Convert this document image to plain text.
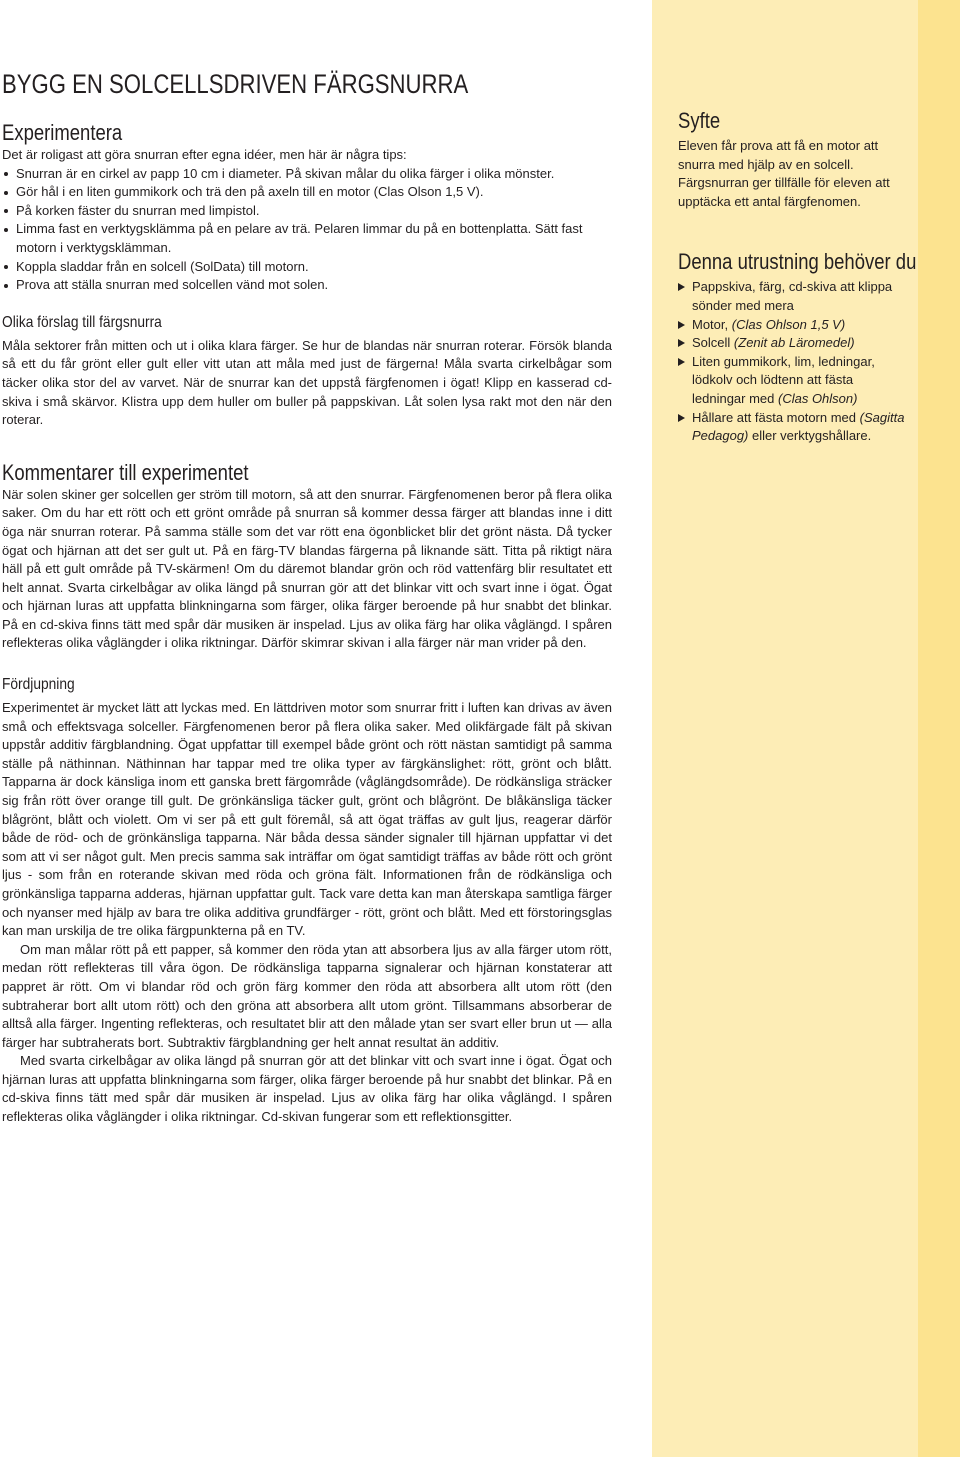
BYGG EN SOLCELLSDRIVEN FÄRGSNURRA
Experimentera

Det är roligast att göra snurran efter egna idéer, men här är några tips:

Snurran är en cirkel av papp 10 cm i diameter. På skivan målar du olika färger i olika mönster.
Gör hål i en liten gummikork och trä den på axeln till en motor (Clas Olson 1,5 V).
På korken fäster du snurran med limpistol.
Limma fast en verktygsklämma på en pelare av trä. Pelaren limmar du på en bottenplatta. Sätt fast motorn i verktygsklämman.
Koppla sladdar från en solcell (SolData) till motorn.
Prova att ställa snurran med solcellen vänd mot solen.
Olika förslag till färgsnurra

Måla sektorer från mitten och ut i olika klara färger. Se hur de blandas när snurran roterar. Försök blanda så ett du får grönt eller gult eller vitt utan att måla med just de färgerna! Måla svarta cirkelbågar som täcker olika stor del av varvet. När de snurrar kan det uppstå färgfenomen i ögat! Klipp en kasserad cd-skiva i små skärvor. Klistra upp dem huller om buller på pappskivan. Låt solen lysa rakt mot den när den roterar.

Kommentarer till experimentet

När solen skiner ger solcellen ger ström till motorn, så att den snurrar. Färgfenomenen beror på flera olika saker. Om du har ett rött och ett grönt område på snurran så kommer dessa färger att blandas inne i ditt öga när snurran roterar. På samma ställe som det var rött ena ögonblicket blir det grönt nästa. Då tycker ögat och hjärnan att det ser gult ut. På en färg-TV blandas färgerna på liknande sätt. Titta på riktigt nära häll på ett gult område på TV-skärmen! Om du däremot blandar grön och röd vattenfärg blir resultatet ett helt annat. Svarta cirkelbågar av olika längd på snurran gör att det blinkar vitt och svart inne i ögat. Ögat och hjärnan luras att uppfatta blinkningarna som färger, olika färger beroende på hur snabbt det blinkar. På en cd-skiva finns tätt med spår där musiken är inspelad. Ljus av olika färg har olika våglängd. I spåren reflekteras olika våglängder i olika riktningar. Därför skimrar skivan i alla färger när man vrider på den.

Fördjupning

Experimentet är mycket lätt att lyckas med. En lättdriven motor som snurrar fritt i luften kan drivas av även små och effektsvaga solceller. Färgfenomenen beror på flera olika saker. Med olikfärgade fält på skivan uppstår additiv färgblandning. Ögat uppfattar till exempel både grönt och rött nästan samtidigt på samma ställe på näthinnan. Näthinnan har tappar med tre olika typer av färgkänslighet: rött, grönt och blått. Tapparna är dock känsliga inom ett ganska brett färgområde (våglängdsområde). De rödkänsliga sträcker sig från rött över orange till gult. De grönkänsliga täcker gult, grönt och blågrönt. De blåkänsliga täcker blågrönt, blått och violett. Om vi ser på ett gult föremål, så att ögat träffas av gult ljus, reagerar därför både de röd- och de grönkänsliga tapparna. När båda dessa sänder signaler till hjärnan uppfattar vi det som att vi ser något gult. Men precis samma sak inträffar om ögat samtidigt träffas av både rött och grönt ljus - som från en roterande skivan med röda och gröna fält. Informationen från de rödkänsliga och grönkänsliga tapparna adderas, hjärnan uppfattar gult. Tack vare detta kan man återskapa samtliga färger och nyanser med hjälp av bara tre olika additiva grundfärger - rött, grönt och blått. Med ett förstoringsglas kan man urskilja de tre olika färgpunkterna på en TV.

Om man målar rött på ett papper, så kommer den röda ytan att absorbera ljus av alla färger utom rött, medan rött reflekteras till våra ögon. De rödkänsliga tapparna signalerar och hjärnan konstaterar att pappret är rött. Om vi blandar röd och grön färg kommer den röda att absorbera allt utom rött (den subtraherar bort allt utom rött) och den gröna att absorbera allt utom grönt. Tillsammans absorberar de alltså alla färger. Ingenting reflekteras, och resultatet blir att den målade ytan ser svart eller brun ut — alla färger har subtraherats bort. Subtraktiv färgblandning ger helt annat resultat än additiv.

Med svarta cirkelbågar av olika längd på snurran gör att det blinkar vitt och svart inne i ögat. Ögat och hjärnan luras att uppfatta blinkningarna som färger, olika färger beroende på hur snabbt det blinkar. På en cd-skiva finns tätt med spår där musiken är inspelad. Ljus av olika färg har olika våglängd. I spåren reflekteras olika våglängder i olika riktningar. Cd-skivan fungerar som ett reflektionsgitter.

Syfte

Eleven får prova att få en motor att snurra med hjälp av en solcell. Färgsnurran ger tillfälle för eleven att upptäcka ett antal färgfenomen.

Denna utrustning behöver du
Pappskiva, färg, cd-skiva att klippa sönder med mera
Motor, (Clas Ohlson 1,5 V)
Solcell (Zenit ab Läromedel)
Liten gummikork, lim, ledningar, lödkolv och lödtenn att fästa ledningar med (Clas Ohlson)
Hållare att fästa motorn med (Sagitta Pedagog) eller verktygshållare.
